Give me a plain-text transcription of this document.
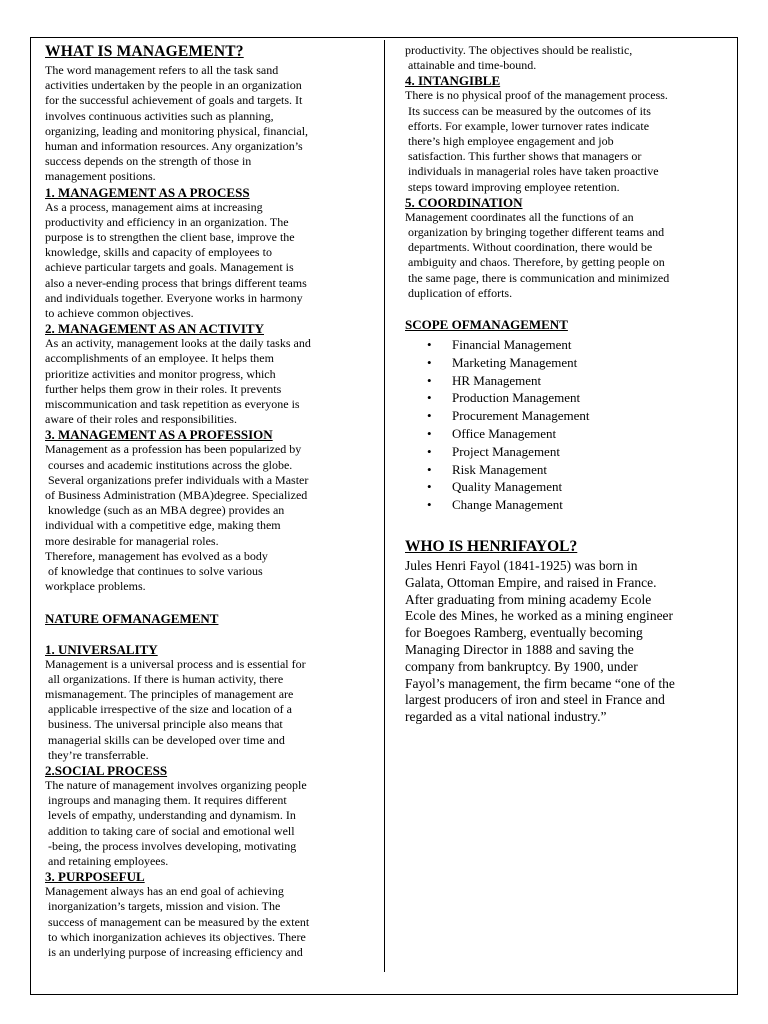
WHAT IS MANAGEMENT?
The word management refers to all the task sand
activities undertaken by the people in an organization
for the successful achievement of goals and targets. It
involves continuous activities such as planning,
organizing, leading and monitoring physical, financial,
human and information resources. Any organization’s
success depends on the strength of those in
management positions.
1. MANAGEMENT AS A PROCESS
As a process, management aims at increasing
productivity and efficiency in an organization. The
purpose is to strengthen the client base, improve the
knowledge, skills and capacity of employees to
achieve particular targets and goals. Management is
also a never-ending process that brings different teams
and individuals together. Everyone works in harmony
to achieve common objectives.
2. MANAGEMENT AS AN ACTIVITY
As an activity, management looks at the daily tasks and
accomplishments of an employee. It helps them
prioritize activities and monitor progress, which
further helps them grow in their roles. It prevents
miscommunication and task repetition as everyone is
aware of their roles and responsibilities.
3. MANAGEMENT AS A PROFESSION
Management as a profession has been popularized by
courses and academic institutions across the globe.
Several organizations prefer individuals with a Master
of Business Administration (MBA)degree. Specialized
knowledge (such as an MBA degree) provides an
individual with a competitive edge, making them
more desirable for managerial roles.
Therefore, management has evolved as a body
of knowledge that continues to solve various
workplace problems.
NATURE OFMANAGEMENT
1. UNIVERSALITY
Management is a universal process and is essential for
all organizations. If there is human activity, there
mismanagement. The principles of management are
applicable irrespective of the size and location of a
business. The universal principle also means that
managerial skills can be developed over time and
they’re transferrable.
2.SOCIAL PROCESS
The nature of management involves organizing people
ingroups and managing them. It requires different
levels of empathy, understanding and dynamism. In
addition to taking care of social and emotional well
-being, the process involves developing, motivating
and retaining employees.
3. PURPOSEFUL
Management always has an end goal of achieving
inorganization’s targets, mission and vision. The
success of management can be measured by the extent
to which inorganization achieves its objectives. There
is an underlying purpose of increasing efficiency and
productivity. The objectives should be realistic,
attainable and time-bound.
4. INTANGIBLE
There is no physical proof of the management process.
Its success can be measured by the outcomes of its
efforts. For example, lower turnover rates indicate
there’s high employee engagement and job
satisfaction. This further shows that managers or
individuals in managerial roles have taken proactive
steps toward improving employee retention.
5. COORDINATION
Management coordinates all the functions of an
organization by bringing together different teams and
departments. Without coordination, there would be
ambiguity and chaos. Therefore, by getting people on
the same page, there is communication and minimized
duplication of efforts.
SCOPE OFMANAGEMENT
• Financial Management
• Marketing Management
• HR Management
• Production Management
• Procurement Management
• Office Management
• Project Management
• Risk Management
• Quality Management
• Change Management
WHO IS HENRIFAYOL?
Jules Henri Fayol (1841-1925) was born in
Galata, Ottoman Empire, and raised in France.
After graduating from mining academy Ecole
Ecole des Mines, he worked as a mining engineer
for Boegoes Ramberg, eventually becoming
Managing Director in 1888 and saving the
company from bankruptcy. By 1900, under
Fayol’s management, the firm became “one of the
largest producers of iron and steel in France and
regarded as a vital national industry.”
